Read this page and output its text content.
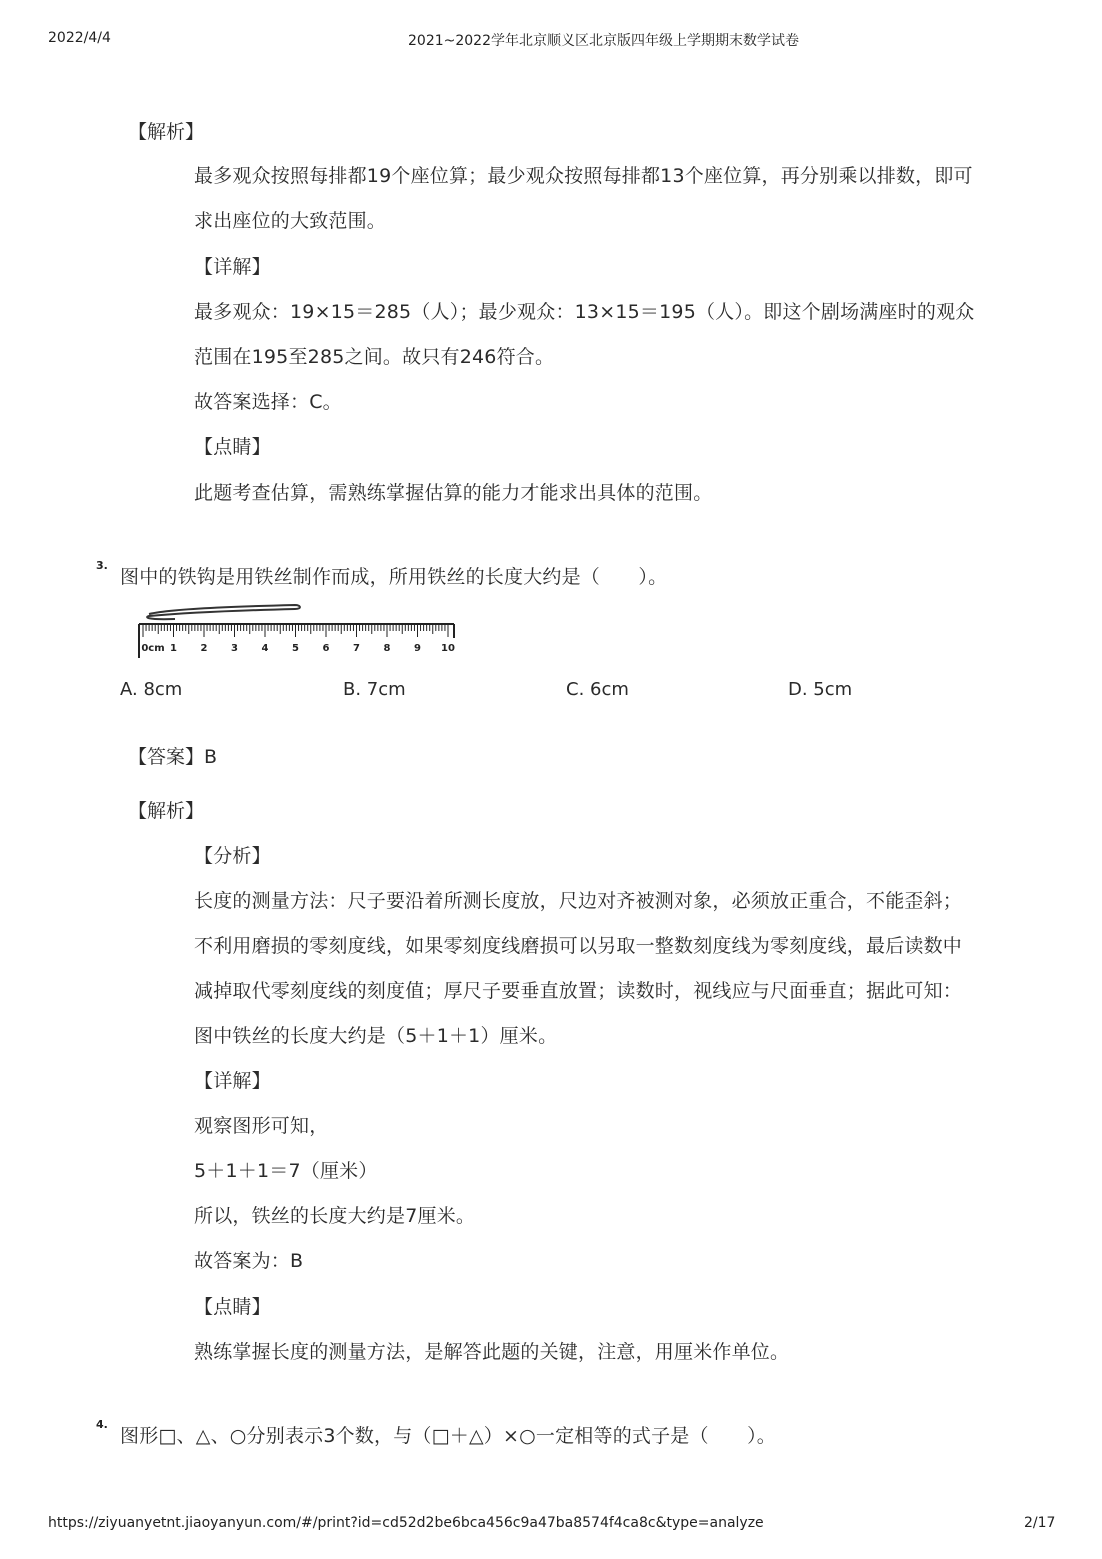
2022/4/4	2021~2022学年北京顺义区北京版四年级上学期期末数学试卷
【解析】
最多观众按照每排都19个座位算；最少观众按照每排都13个座位算，再分别乘以排数，即可
求出座位的大致范围。
【详解】
最多观众：19×15＝285（人）；最少观众：13×15＝195（人）。即这个剧场满座时的观众
范围在195至285之间。故只有246符合。
故答案选择：C。
【点睛】
此题考查估算，需熟练掌握估算的能力才能求出具体的范围。
3.
图中的铁钩是用铁丝制作而成，所用铁丝的长度大约是（　　）。
0cm 1 2 3 4 5 6 7 8 9 10
A. 8cm	B. 7cm	C. 6cm	D. 5cm
【答案】B
【解析】
【分析】
长度的测量方法：尺子要沿着所测长度放，尺边对齐被测对象，必须放正重合，不能歪斜；
不利用磨损的零刻度线，如果零刻度线磨损可以另取一整数刻度线为零刻度线，最后读数中
减掉取代零刻度线的刻度值；厚尺子要垂直放置；读数时，视线应与尺面垂直；据此可知：
图中铁丝的长度大约是（5＋1＋1）厘米。
【详解】
观察图形可知，
5＋1＋1＝7（厘米）
所以，铁丝的长度大约是7厘米。
故答案为：B
【点睛】
熟练掌握长度的测量方法，是解答此题的关键，注意，用厘米作单位。
4.
图形□、△、○分别表示3个数，与（□＋△）×○一定相等的式子是（　　）。
https://ziyuanyetnt.jiaoyanyun.com/#/print?id=cd52d2be6bca456c9a47ba8574f4ca8c&type=analyze	2/17
